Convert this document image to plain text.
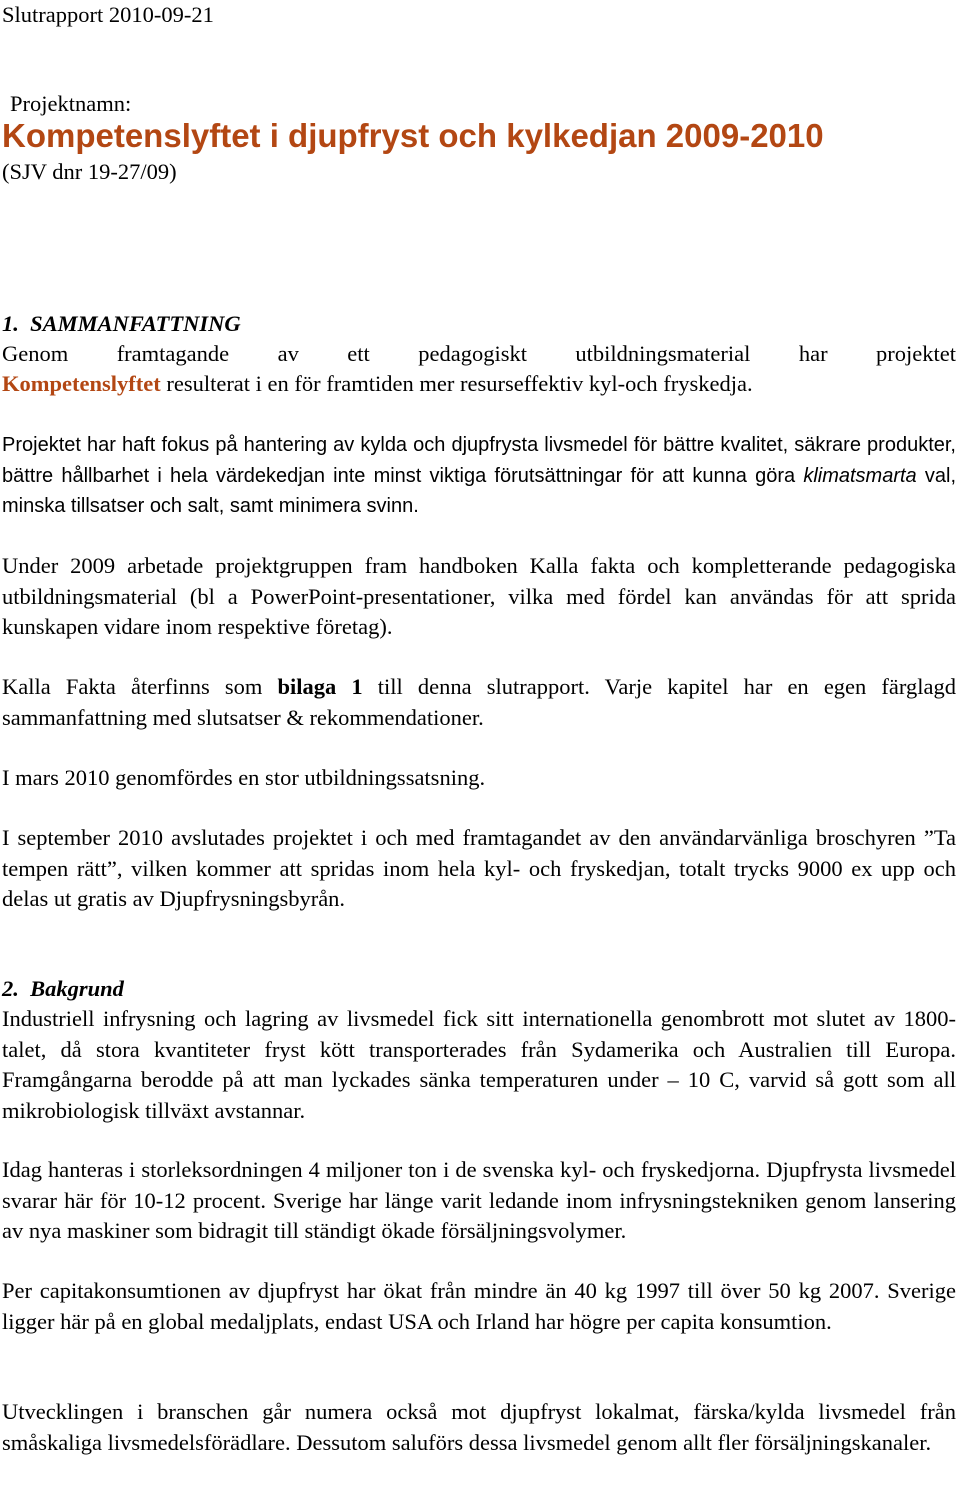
Slutrapport 2010-09-21
Projektnamn:
Kompetenslyftet i djupfryst och kylkedjan 2009-2010
(SJV dnr 19-27/09)
1. SAMMANFATTNING
Genom framtagande av ett pedagogiskt utbildningsmaterial har projektet
Kompetenslyftet resulterat i en för framtiden mer resurseffektiv kyl-och fryskedja.
Projektet har haft fokus på hantering av kylda och djupfrysta livsmedel för bättre kvalitet, säkrare produkter, bättre hållbarhet i hela värdekedjan inte minst viktiga förutsättningar för att kunna göra klimatsmarta val, minska tillsatser och salt, samt minimera svinn.
Under 2009 arbetade projektgruppen fram handboken Kalla fakta och kompletterande pedagogiska utbildningsmaterial (bl a PowerPoint-presentationer, vilka med fördel kan användas för att sprida kunskapen vidare inom respektive företag).
Kalla Fakta återfinns som bilaga 1 till denna slutrapport. Varje kapitel har en egen färglagd sammanfattning med slutsatser & rekommendationer.
I mars 2010 genomfördes en stor utbildningssatsning.
I september 2010 avslutades projektet i och med framtagandet av den användarvänliga broschyren ”Ta tempen rätt”, vilken kommer att spridas inom hela kyl- och fryskedjan, totalt trycks 9000 ex upp och delas ut gratis av Djupfrysningsbyrån.
2. Bakgrund
Industriell infrysning och lagring av livsmedel fick sitt internationella genombrott mot slutet av 1800-talet, då stora kvantiteter fryst kött transporterades från Sydamerika och Australien till Europa. Framgångarna berodde på att man lyckades sänka temperaturen under – 10 C, varvid så gott som all mikrobiologisk tillväxt avstannar.
Idag hanteras i storleksordningen 4 miljoner ton i de svenska kyl- och fryskedjorna. Djupfrysta livsmedel svarar här för 10-12 procent. Sverige har länge varit ledande inom infrysningstekniken genom lansering av nya maskiner som bidragit till ständigt ökade försäljningsvolymer.
Per capitakonsumtionen av djupfryst har ökat från mindre än 40 kg 1997 till över 50 kg 2007. Sverige ligger här på en global medaljplats, endast USA och Irland har högre per capita konsumtion.
Utvecklingen i branschen går numera också mot djupfryst lokalmat, färska/kylda livsmedel från småskaliga livsmedelsförädlare. Dessutom saluförs dessa livsmedel genom allt fler försäljningskanaler.
